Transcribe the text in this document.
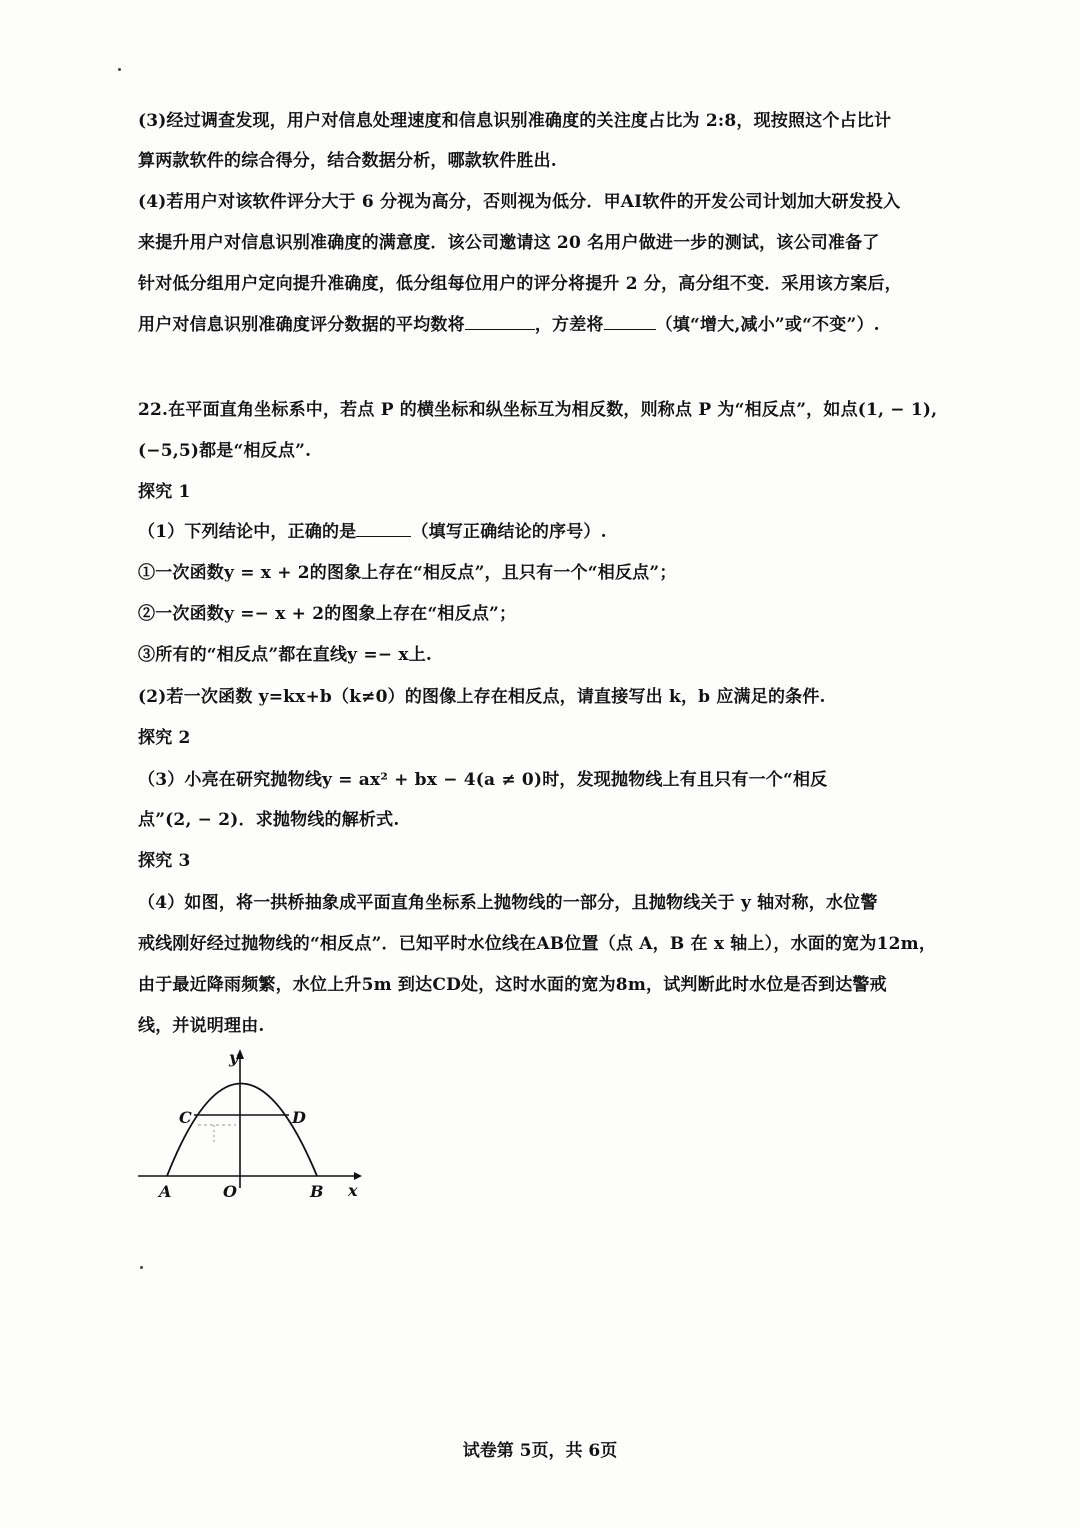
(3)经过调查发现，用户对信息处理速度和信息识别准确度的关注度占比为 2:8，现按照这个占比计
算两款软件的综合得分，结合数据分析，哪款软件胜出.
(4)若用户对该软件评分大于 6 分视为高分，否则视为低分．甲AI软件的开发公司计划加大研发投入
来提升用户对信息识别准确度的满意度．该公司邀请这 20 名用户做进一步的测试，该公司准备了
针对低分组用户定向提升准确度，低分组每位用户的评分将提升 2 分，高分组不变．采用该方案后，
用户对信息识别准确度评分数据的平均数将	，方差将	（填“增大,减小”或“不变”）.
22.在平面直角坐标系中，若点 P 的横坐标和纵坐标互为相反数，则称点 P 为“相反点”，如点(1, − 1),
(−5,5)都是“相反点”.
探究 1
（1）下列结论中，正确的是	（填写正确结论的序号）.
①一次函数y = x + 2的图象上存在“相反点”，且只有一个“相反点”；
②一次函数y =− x + 2的图象上存在“相反点”；
③所有的“相反点”都在直线y =− x上.
(2)若一次函数 y=kx+b（k≠0）的图像上存在相反点，请直接写出 k，b 应满足的条件.
探究 2
（3）小亮在研究抛物线y = ax² + bx − 4(a ≠ 0)时，发现抛物线上有且只有一个“相反
点”(2, − 2)．求抛物线的解析式.
探究 3
（4）如图，将一拱桥抽象成平面直角坐标系上抛物线的一部分，且抛物线关于 y 轴对称，水位警
戒线刚好经过抛物线的“相反点”．已知平时水位线在AB位置（点 A，B 在 x 轴上），水面的宽为12m，
由于最近降雨频繁，水位上升5m 到达CD处，这时水面的宽为8m，试判断此时水位是否到达警戒
线，并说明理由.
y
x
O
A	B
C	D
试卷第 5页，共 6页
